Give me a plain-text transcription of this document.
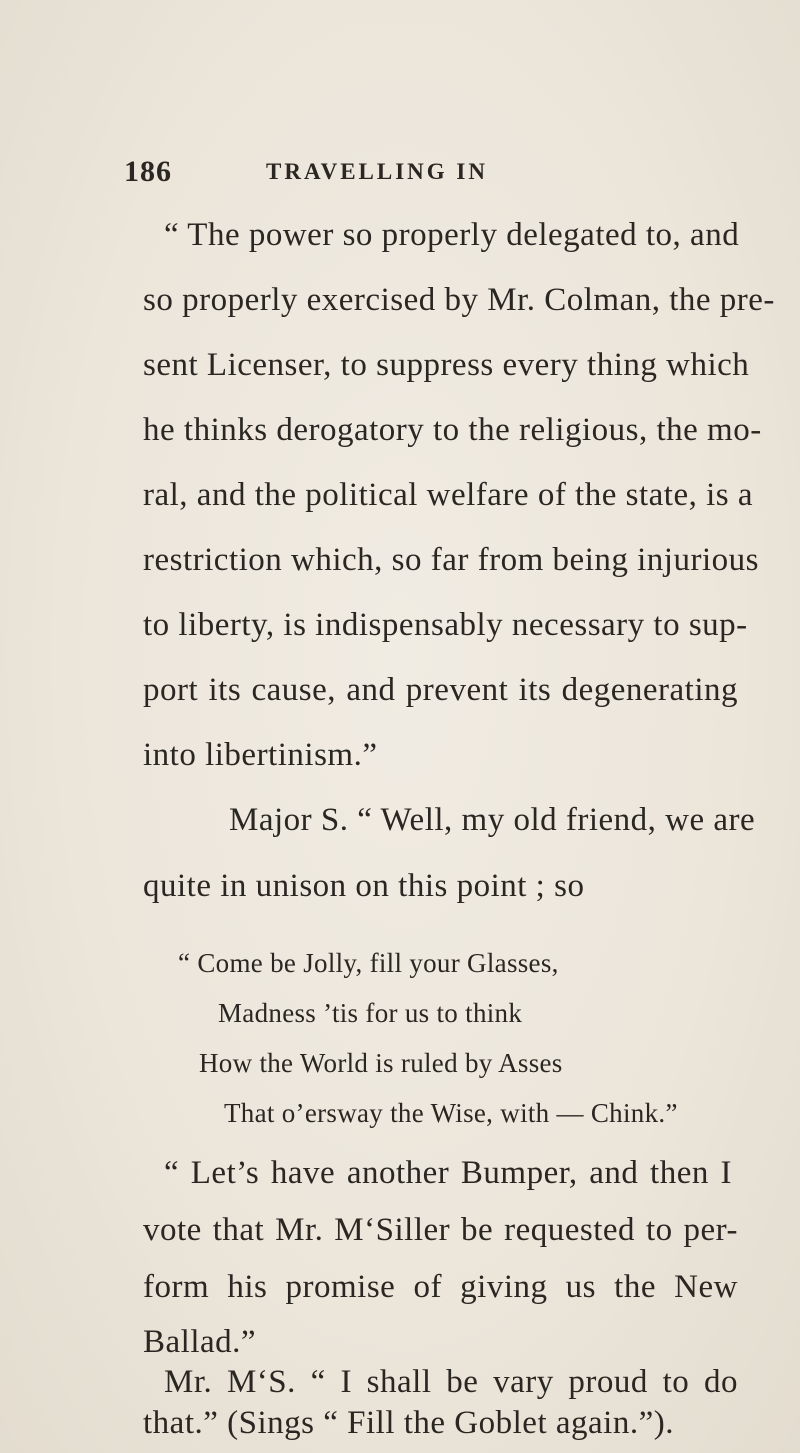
186	TRAVELLING IN
“ The power so properly delegated to, and
so properly exercised by Mr. Colman, the pre-
sent Licenser, to suppress every thing which
he thinks derogatory to the religious, the mo-
ral, and the political welfare of the state, is a
restriction which, so far from being injurious
to liberty, is indispensably necessary to sup-
port its cause, and prevent its degenerating
into libertinism.”
Major S. “ Well, my old friend, we are
quite in unison on this point ; so
“ Come be Jolly, fill your Glasses,
Madness ’tis for us to think
How the World is ruled by Asses
That o’ersway the Wise, with — Chink.”
“ Let’s have another Bumper, and then I
vote that Mr. M‘Siller be requested to per-
form his promise of giving us the New
Ballad.”
Mr. M‘S. “ I shall be vary proud to do
that.” (Sings “ Fill the Goblet again.”).
